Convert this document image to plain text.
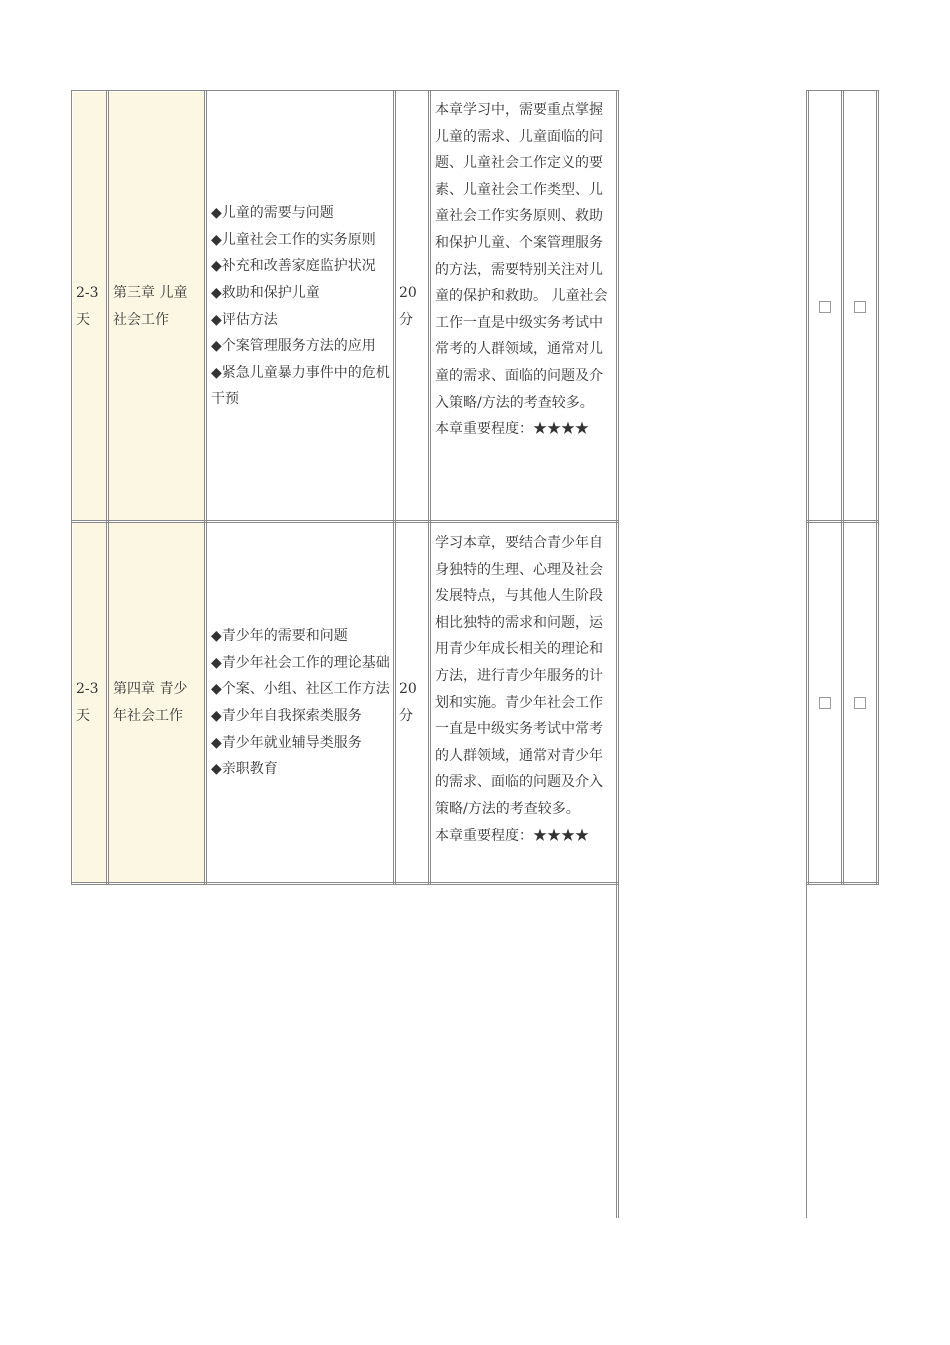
2-3天
第三章 儿童社会工作
◆儿童的需要与问题
◆儿童社会工作的实务原则
◆补充和改善家庭监护状况
◆救助和保护儿童
◆评估方法
◆个案管理服务方法的应用
◆紧急儿童暴力事件中的危机干预
20分
本章学习中，需要重点掌握儿童的需求、儿童面临的问题、儿童社会工作定义的要素、儿童社会工作类型、儿童社会工作实务原则、救助和保护儿童、个案管理服务的方法，需要特别关注对儿童的保护和救助。 儿童社会工作一直是中级实务考试中常考的人群领域，通常对儿童的需求、面临的问题及介入策略/方法的考查较多。
本章重要程度：★★★★
2-3天
第四章 青少年社会工作
◆青少年的需要和问题
◆青少年社会工作的理论基础
◆个案、小组、社区工作方法
◆青少年自我探索类服务
◆青少年就业辅导类服务
◆亲职教育
20分
学习本章，要结合青少年自身独特的生理、心理及社会发展特点，与其他人生阶段相比独特的需求和问题，运用青少年成长相关的理论和方法，进行青少年服务的计划和实施。青少年社会工作一直是中级实务考试中常考的人群领域，通常对青少年的需求、面临的问题及介入策略/方法的考查较多。
本章重要程度：★★★★
